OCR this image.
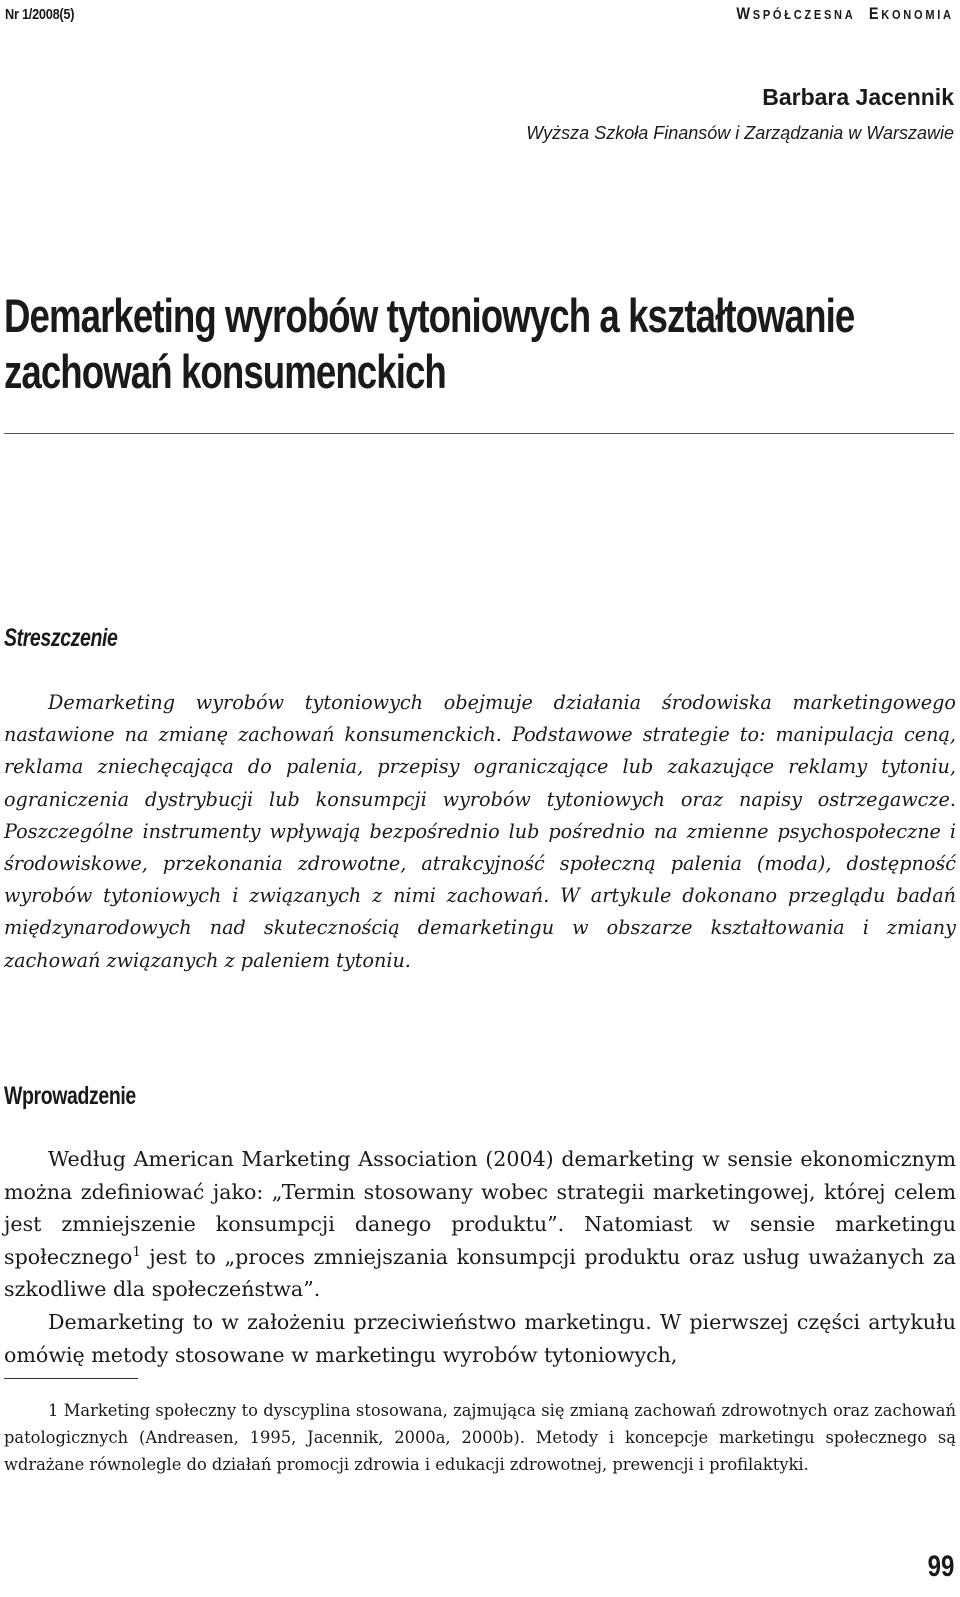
Nr 1/2008(5)	WSPÓŁCZESNA EKONOMIA
Barbara Jacennik
Wyższa Szkoła Finansów i Zarządzania w Warszawie
Demarketing wyrobów tytoniowych a kształtowanie
zachowań konsumenckich
Streszczenie

Demarketing wyrobów tytoniowych obejmuje działania środowiska marketingowego nastawione na zmianę zachowań konsumenckich. Podstawowe strategie to: manipulacja ceną, reklama zniechęcająca do palenia, przepisy ograniczające lub zakazujące reklamy tytoniu, ograniczenia dystrybucji lub konsumpcji wyrobów tytoniowych oraz napisy ostrzegawcze. Poszczególne instrumenty wpływają bezpośrednio lub pośrednio na zmienne psychospołeczne i środowiskowe, przekonania zdrowotne, atrakcyjność społeczną palenia (moda), dostępność wyrobów tytoniowych i związanych z nimi zachowań. W artykule dokonano przeglądu badań międzynarodowych nad skutecznością demarketingu w obszarze kształtowania i zmiany zachowań związanych z paleniem tytoniu.

Wprowadzenie

Według American Marketing Association (2004) demarketing w sensie ekonomicznym można zdefiniować jako: „Termin stosowany wobec strategii marketingowej, której celem jest zmniejszenie konsumpcji danego produktu”. Natomiast w sensie marketingu społecznego$^1$ jest to „proces zmniejszania konsumpcji produktu oraz usług uważanych za szkodliwe dla społeczeństwa”.

Demarketing to w założeniu przeciwieństwo marketingu. W pierwszej części artykułu omówię metody stosowane w marketingu wyrobów tytoniowych,

1 Marketing społeczny to dyscyplina stosowana, zajmująca się zmianą zachowań zdrowotnych oraz zachowań patologicznych (Andreasen, 1995, Jacennik, 2000a, 2000b). Metody i koncepcje marketingu społecznego są wdrażane równolegle do działań promocji zdrowia i edukacji zdrowotnej, prewencji i profilaktyki.

99
